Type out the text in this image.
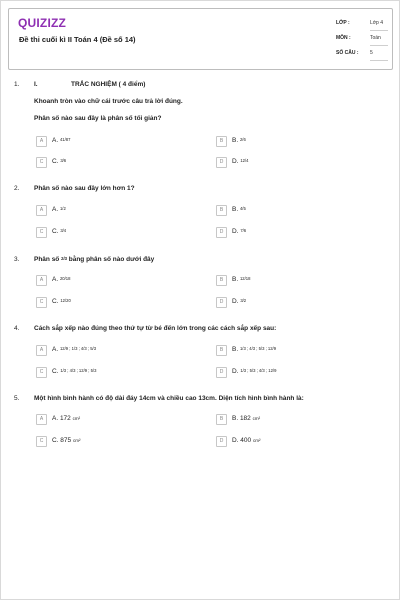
QUIZIZZ
Đề thi cuối kì II Toán 4 (Đề số 14)
LỚP :	Lớp 4
MÔN :	Toán
SỐ CÂU : 5
1. I.	TRẮC NGHIỆM ( 4 điểm)
Khoanh tròn vào chữ cái trước câu trả lời đúng.
Phân số nào sau đây là phân số tối giản?
A	A. 41/87	B	B. 2/6
C	C. 3/6	D	D. 12/4
2. Phân số nào sau đây lớn hơn 1?
A	A. 1/2	B	B. 4/5
C	C. 3/4	D	D. 7/6
3. Phân số 2/3 bằng phân số nào dưới đây
A	A. 20/18	B	B. 12/18
C	C. 12/20	D	D. 3/2
4. Cách sắp xếp nào đúng theo thứ tự từ bé đến lớn trong các cách sắp xếp sau:
A	A. 12/9 ; 1/3 ; 4/3 ; 5/3	B	B. 1/3 ; 4/3 ; 5/3 ; 12/9
C	C. 1/3 ; 4/3 ; 12/9 ; 5/3	D	D. 1/3 ; 5/3 ; 4/3 ; 12/9
5. Một hình bình hành có độ dài đáy 14cm và chiều cao 13cm. Diện tích hình bình hành là:
A	A. 172 cm²	B	B. 182 cm²
C	C. 875 cm²	D	D. 400 cm²
